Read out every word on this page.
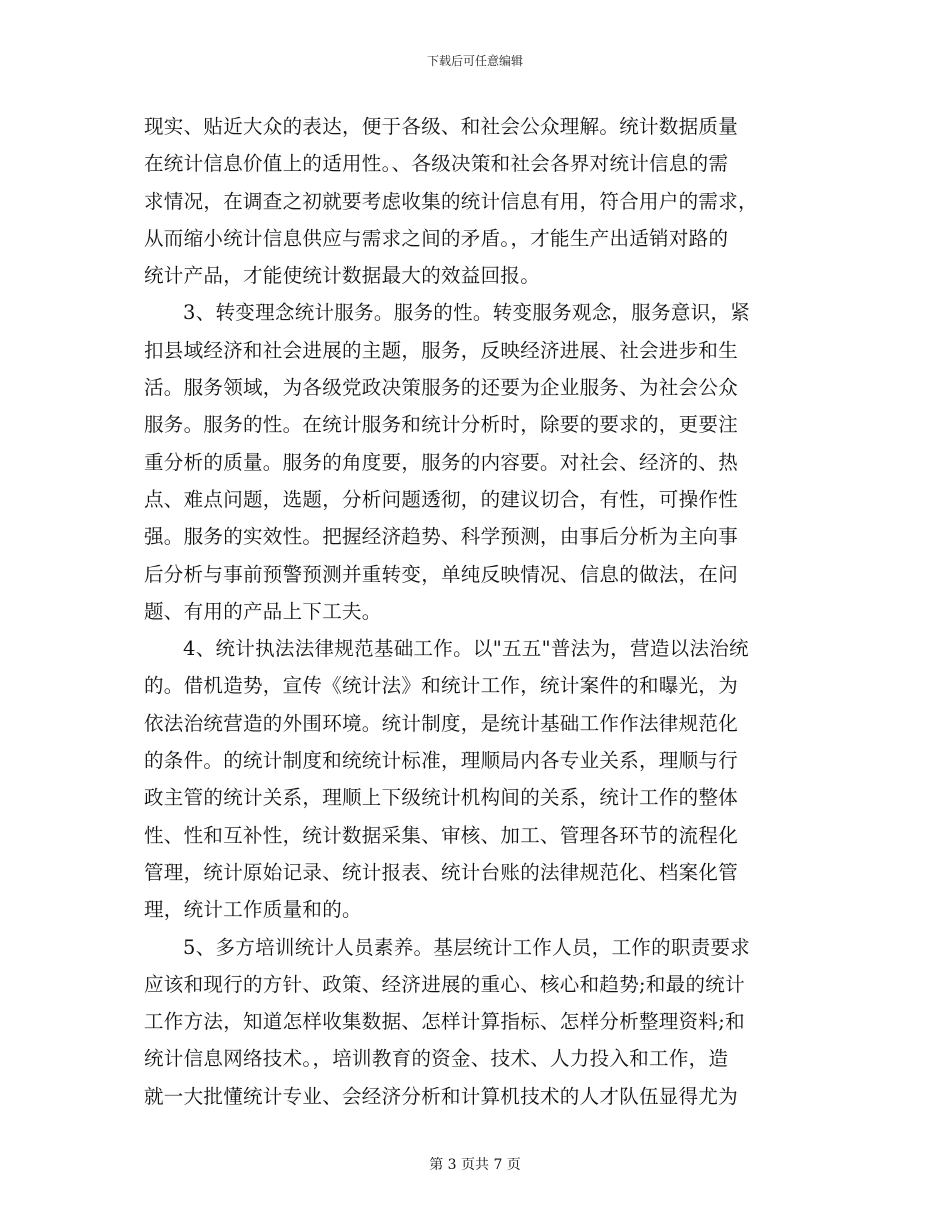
下载后可任意编辑
现实、贴近大众的表达，便于各级、和社会公众理解。统计数据质量
在统计信息价值上的适用性。、各级决策和社会各界对统计信息的需
求情况，在调查之初就要考虑收集的统计信息有用，符合用户的需求，
从而缩小统计信息供应与需求之间的矛盾。，才能生产出适销对路的
统计产品，才能使统计数据最大的效益回报。
3、转变理念统计服务。服务的性。转变服务观念，服务意识，紧
扣县域经济和社会进展的主题，服务，反映经济进展、社会进步和生
活。服务领域，为各级党政决策服务的还要为企业服务、为社会公众
服务。服务的性。在统计服务和统计分析时，除要的要求的，更要注
重分析的质量。服务的角度要，服务的内容要。对社会、经济的、热
点、难点问题，选题，分析问题透彻，的建议切合，有性，可操作性
强。服务的实效性。把握经济趋势、科学预测，由事后分析为主向事
后分析与事前预警预测并重转变，单纯反映情况、信息的做法，在问
题、有用的产品上下工夫。
4、统计执法法律规范基础工作。以"五五"普法为，营造以法治统
的。借机造势，宣传《统计法》和统计工作，统计案件的和曝光，为
依法治统营造的外围环境。统计制度，是统计基础工作作法律规范化
的条件。的统计制度和统统计标准，理顺局内各专业关系，理顺与行
政主管的统计关系，理顺上下级统计机构间的关系，统计工作的整体
性、性和互补性，统计数据采集、审核、加工、管理各环节的流程化
管理，统计原始记录、统计报表、统计台账的法律规范化、档案化管
理，统计工作质量和的。
5、多方培训统计人员素养。基层统计工作人员，工作的职责要求
应该和现行的方针、政策、经济进展的重心、核心和趋势;和最的统计
工作方法，知道怎样收集数据、怎样计算指标、怎样分析整理资料;和
统计信息网络技术。，培训教育的资金、技术、人力投入和工作，造
就一大批懂统计专业、会经济分析和计算机技术的人才队伍显得尤为
第 3 页共 7 页
